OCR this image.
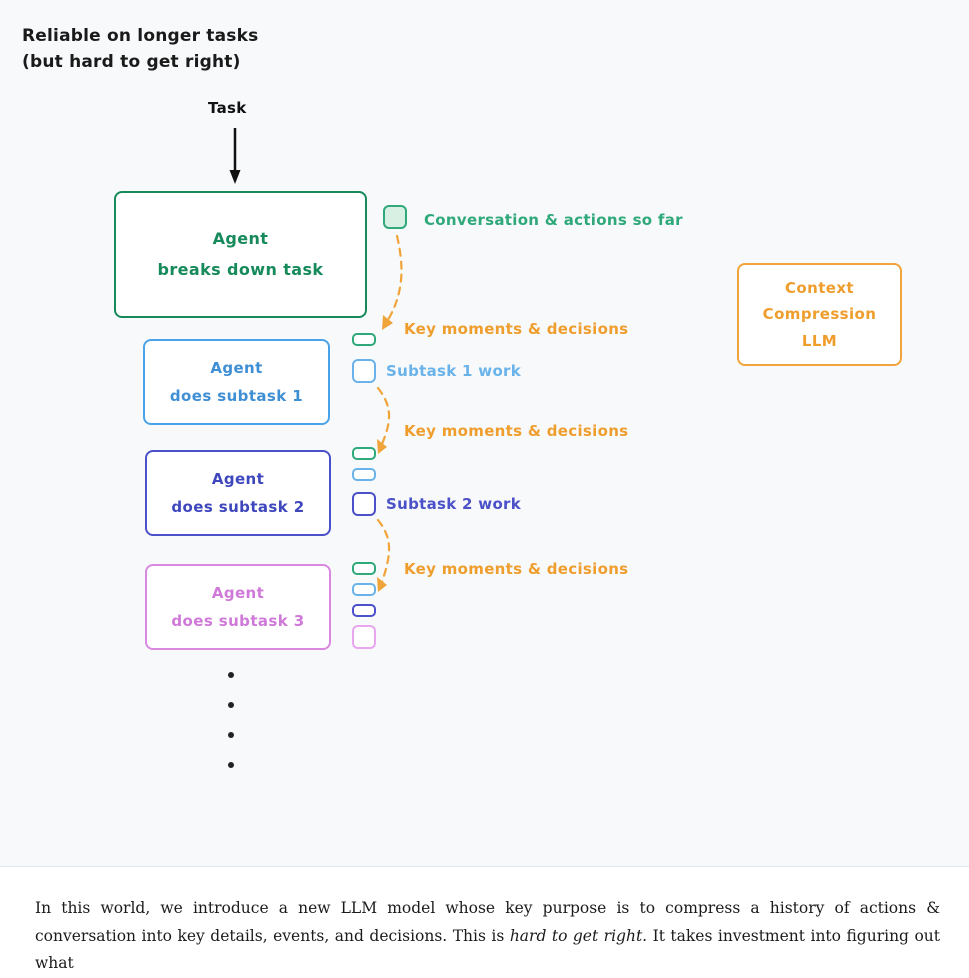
Reliable on longer tasks
(but hard to get right)
Task
Agent
breaks down task
Agent
does subtask 1
Agent
does subtask 2
Agent
does subtask 3
Context
Compression
LLM
Conversation & actions so far
Key moments & decisions
Subtask 1 work
Key moments & decisions
Subtask 2 work
Key moments & decisions
In this world, we introduce a new LLM model whose key purpose is to compress a history of actions & conversation into key details, events, and decisions. This is hard to get right. It takes investment into figuring out what
